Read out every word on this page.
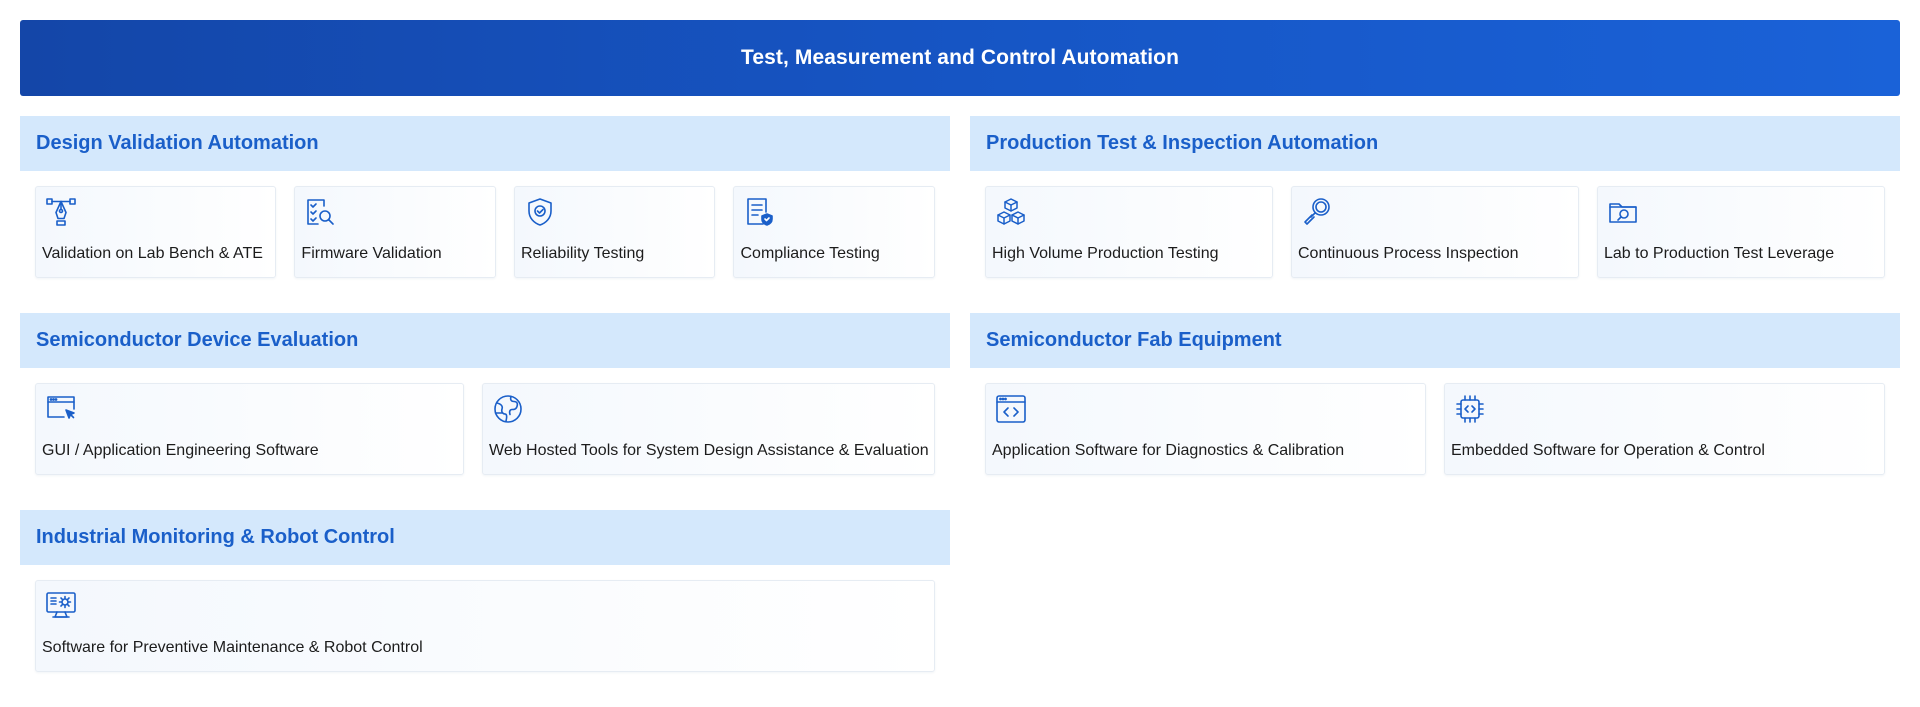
Test, Measurement and Control Automation
Design Validation Automation
Validation on Lab Bench & ATE Firmware Validation	Reliability Testing	Compliance Testing
Production Test & Inspection Automation
High Volume Production Testing	Continuous Process Inspection	Lab to Production Test Leverage
Semiconductor Device Evaluation
GUI / Application Engineering Software	Web Hosted Tools for System Design Assistance & Evaluation
Semiconductor Fab Equipment
Application Software for Diagnostics & Calibration	Embedded Software for Operation & Control
Industrial Monitoring & Robot Control
Software for Preventive Maintenance & Robot Control
